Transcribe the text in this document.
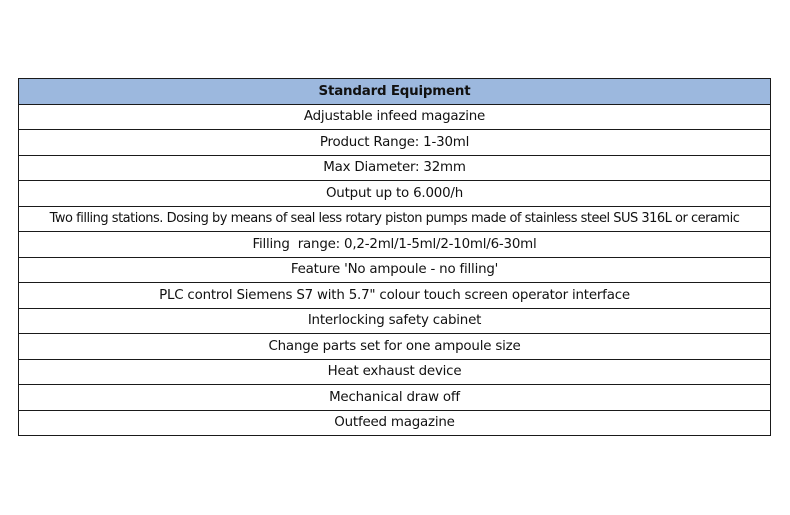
Standard Equipment
Adjustable infeed magazine
Product Range: 1-30ml
Max Diameter: 32mm
Output up to 6.000/h
Two filling stations. Dosing by means of seal less rotary piston pumps made of stainless steel SUS 316L or ceramic
Filling  range: 0,2-2ml/1-5ml/2-10ml/6-30ml
Feature 'No ampoule - no filling'
PLC control Siemens S7 with 5.7" colour touch screen operator interface
Interlocking safety cabinet
Change parts set for one ampoule size
Heat exhaust device
Mechanical draw off
Outfeed magazine
